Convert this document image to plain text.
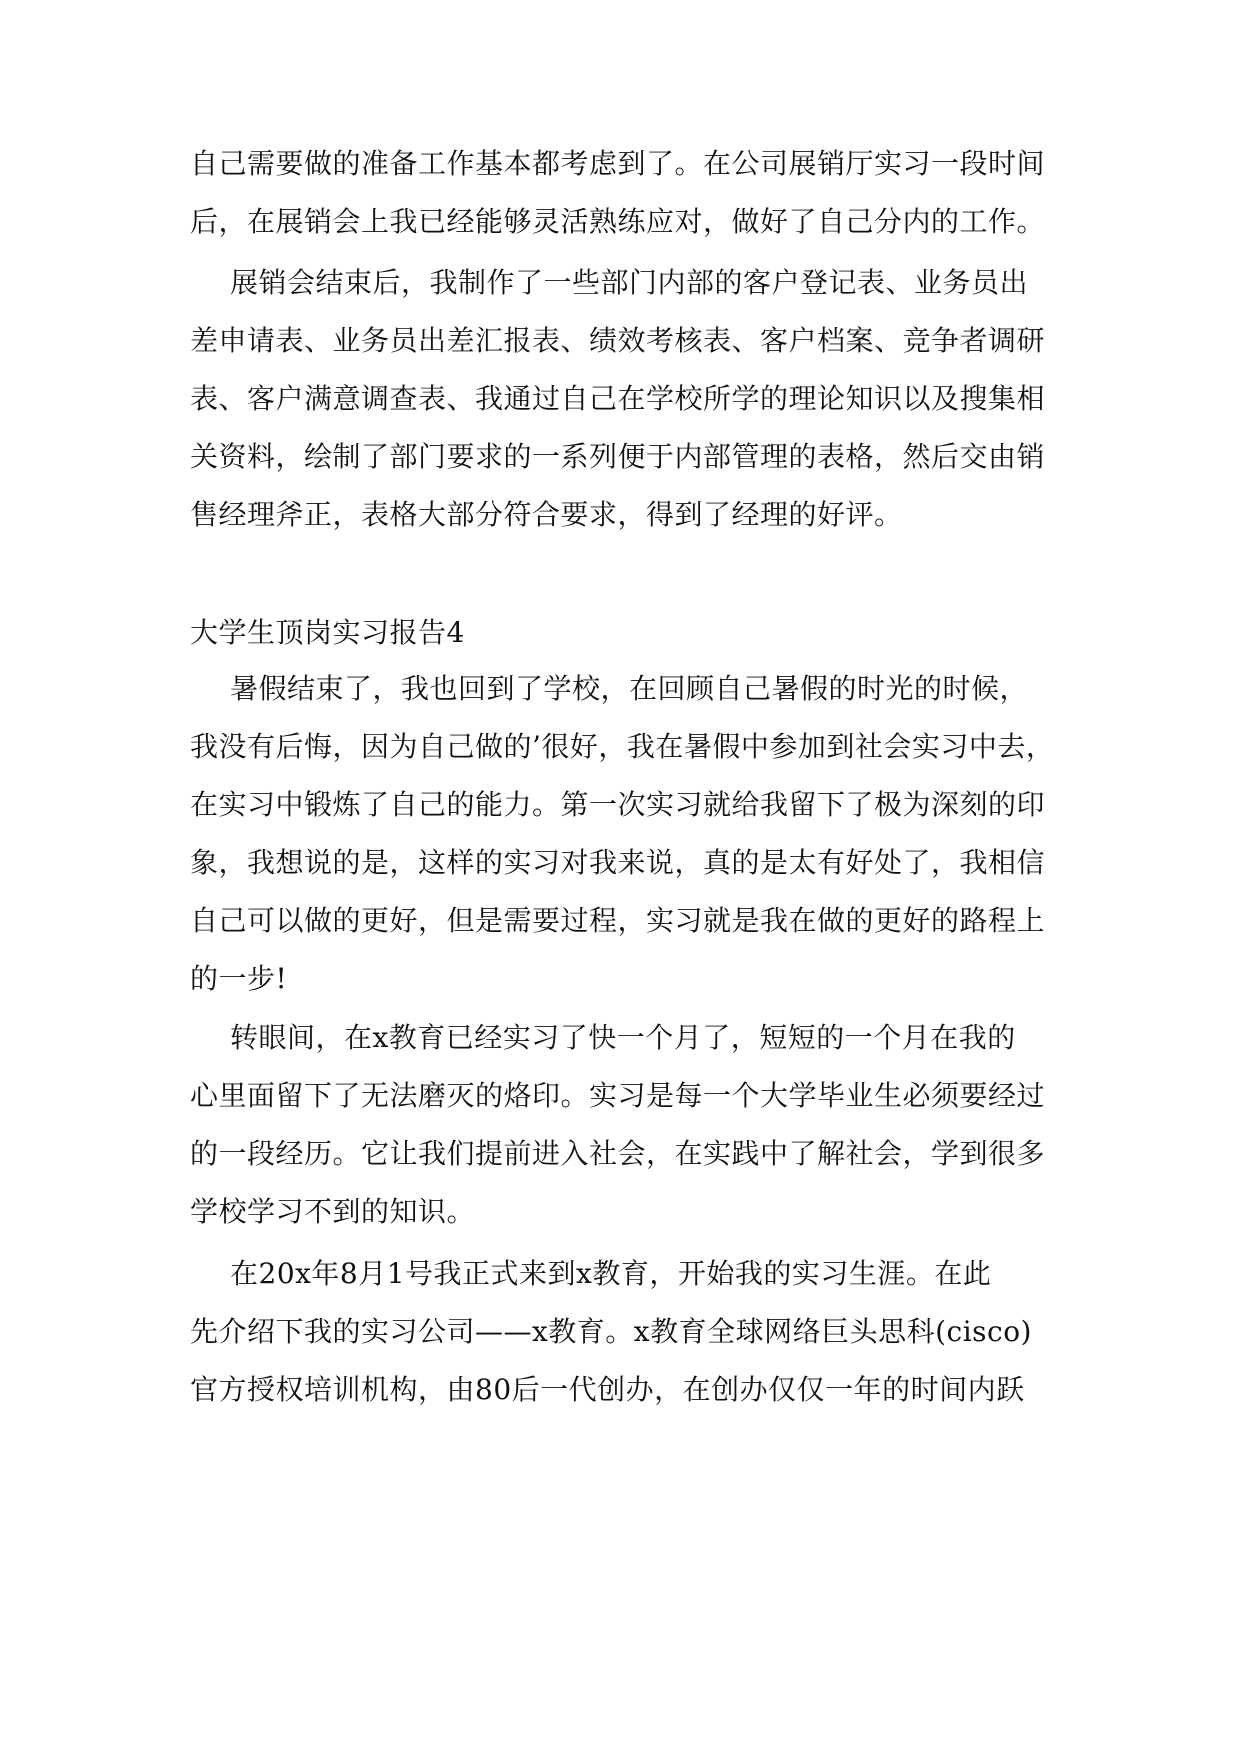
自己需要做的准备工作基本都考虑到了。在公司展销厅实习一段时间
后，在展销会上我已经能够灵活熟练应对，做好了自己分内的工作。
展销会结束后，我制作了一些部门内部的客户登记表、业务员出
差申请表、业务员出差汇报表、绩效考核表、客户档案、竞争者调研
表、客户满意调查表、我通过自己在学校所学的理论知识以及搜集相
关资料，绘制了部门要求的一系列便于内部管理的表格，然后交由销
售经理斧正，表格大部分符合要求，得到了经理的好评。
大学生顶岗实习报告4
暑假结束了，我也回到了学校，在回顾自己暑假的时光的时候，
我没有后悔，因为自己做的’很好，我在暑假中参加到社会实习中去，
在实习中锻炼了自己的能力。第一次实习就给我留下了极为深刻的印
象，我想说的是，这样的实习对我来说，真的是太有好处了，我相信
自己可以做的更好，但是需要过程，实习就是我在做的更好的路程上
的一步!
转眼间，在x教育已经实习了快一个月了，短短的一个月在我的
心里面留下了无法磨灭的烙印。实习是每一个大学毕业生必须要经过
的一段经历。它让我们提前进入社会，在实践中了解社会，学到很多
学校学习不到的知识。
在20x年8月1号我正式来到x教育，开始我的实习生涯。在此
先介绍下我的实习公司——x教育。x教育全球网络巨头思科(cisco)
官方授权培训机构，由80后一代创办，在创办仅仅一年的时间内跃
